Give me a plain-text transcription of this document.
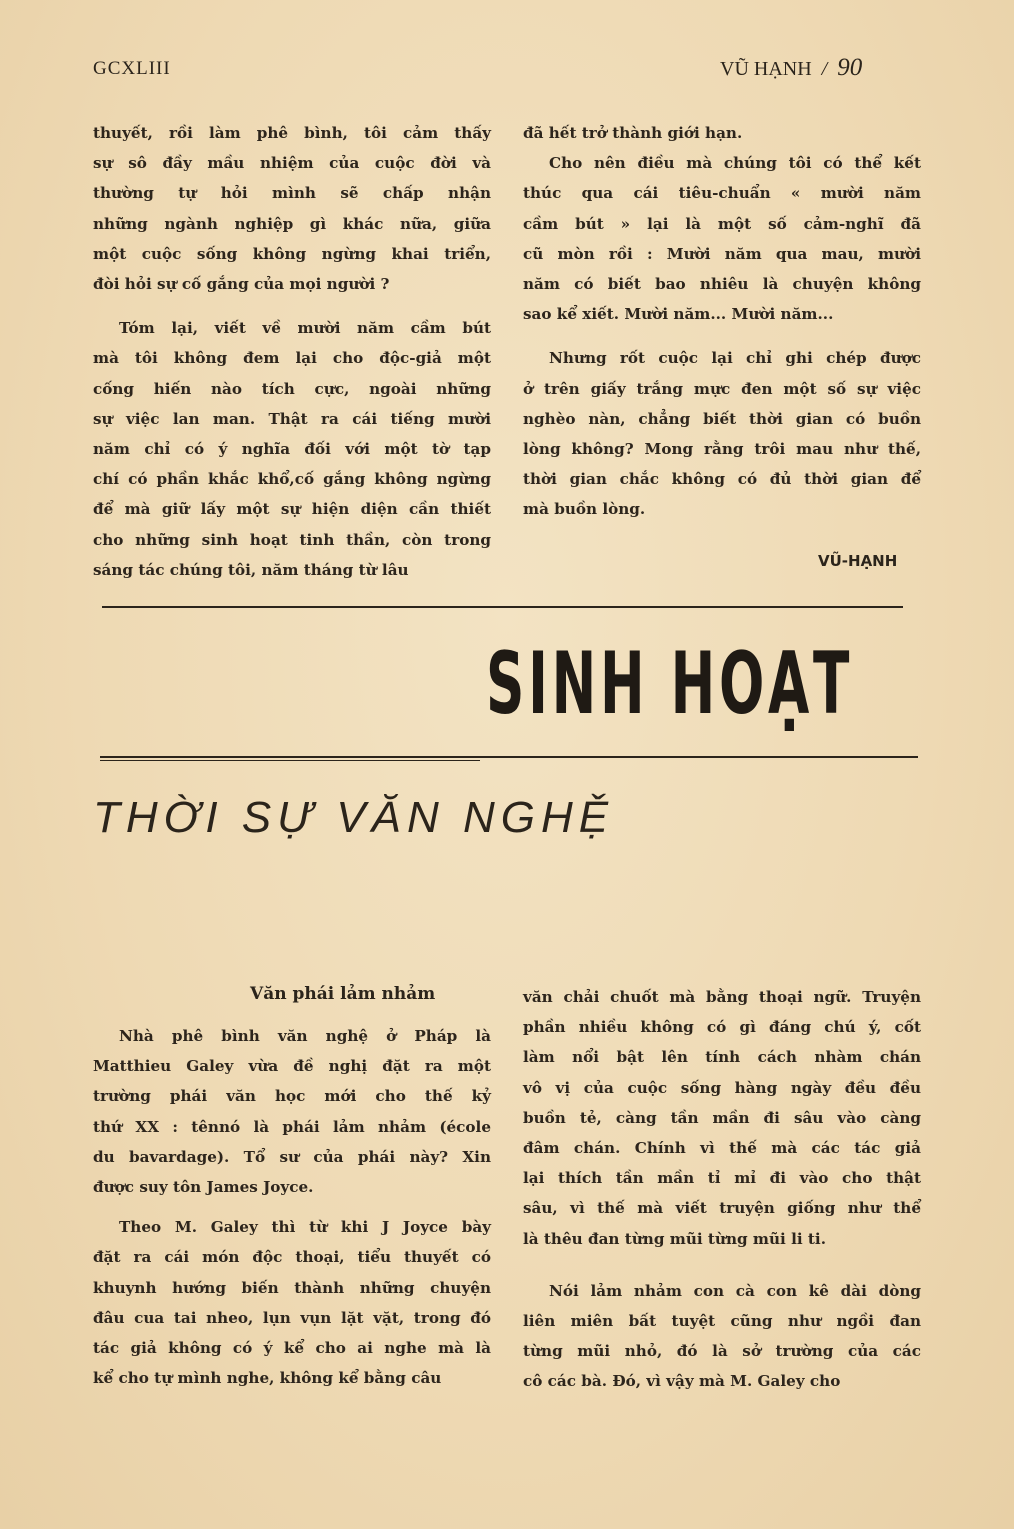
GCXLIII	VŨ HẠNH / 90

thuyết, rồi làm phê bình, tôi cảm thấy
sự sô đầy mầu nhiệm của cuộc đời và
thường tự hỏi mình sẽ chấp nhận
những ngành nghiệp gì khác nữa, giữa
một cuộc sống không ngừng khai triển,
đòi hỏi sự cố gắng của mọi người ?

Tóm lại, viết về mười năm cầm bút
mà tôi không đem lại cho độc-giả một
cống hiến nào tích cực, ngoài những
sự việc lan man. Thật ra cái tiếng mười
năm chỉ có ý nghĩa đối với một tờ tạp
chí có phần khắc khổ,cố gắng không ngừng
để mà giữ lấy một sự hiện diện cần thiết
cho những sinh hoạt tinh thần, còn trong
sáng tác chúng tôi, năm tháng từ lâu

đã hết trở thành giới hạn.

Cho nên điều mà chúng tôi có thể kết
thúc qua cái tiêu-chuẩn « mười năm
cầm bút » lại là một số cảm-nghĩ đã
cũ mòn rồi : Mười năm qua mau, mười
năm có biết bao nhiêu là chuyện không
sao kể xiết. Mười năm... Mười năm...

Nhưng rốt cuộc lại chỉ ghi chép được
ở trên giấy trắng mực đen một số sự việc
nghèo nàn, chẳng biết thời gian có buồn
lòng không? Mong rằng trôi mau như thế,
thời gian chắc không có đủ thời gian để
mà buồn lòng.

VŨ-HẠNH
SINH HOẠT
THỜI SỰ VĂN NGHỆ
Văn phái lảm nhảm

Nhà phê bình văn nghệ ở Pháp là
Matthieu Galey vừa đề nghị đặt ra một
trường phái văn học mới cho thế kỷ
thứ XX : tênnó là phái lảm nhảm (école
du bavardage). Tổ sư của phái này? Xin
được suy tôn James Joyce.

Theo M. Galey thì từ khi J Joyce bày
đặt ra cái món độc thoại, tiểu thuyết có
khuynh hướng biến thành những chuyện
đâu cua tai nheo, lụn vụn lặt vặt, trong đó
tác giả không có ý kể cho ai nghe mà là
kể cho tự mình nghe, không kể bằng câu

văn chải chuốt mà bằng thoại ngữ. Truyện
phần nhiều không có gì đáng chú ý, cốt
làm nổi bật lên tính cách nhàm chán
vô vị của cuộc sống hàng ngày đều đều
buồn tẻ, càng tần mần đi sâu vào càng
đâm chán. Chính vì thế mà các tác giả
lại thích tần mần tỉ mỉ đi vào cho thật
sâu, vì thế mà viết truyện giống như thể
là thêu đan từng mũi từng mũi li ti.

Nói lảm nhảm con cà con kê dài dòng
liên miên bất tuyệt cũng như ngồi đan
từng mũi nhỏ, đó là sở trường của các
cô các bà. Đó, vì vậy mà M. Galey cho
